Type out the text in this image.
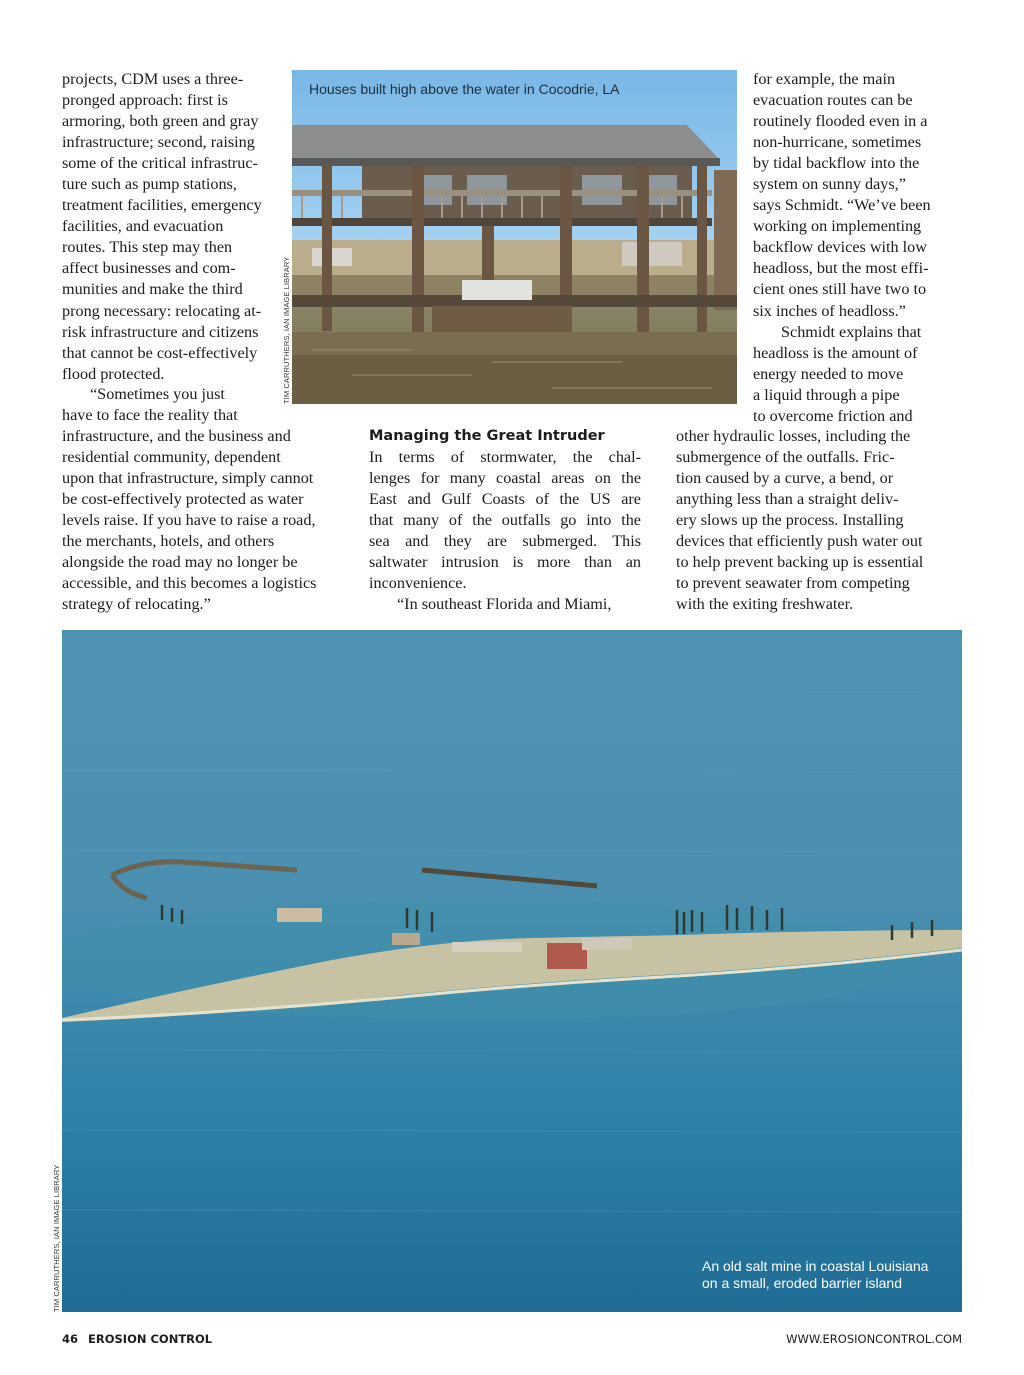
projects, CDM uses a three-
pronged approach: first is
armoring, both green and gray
infrastructure; second, raising
some of the critical infrastruc-
ture such as pump stations,
treatment facilities, emergency
facilities, and evacuation
routes. This step may then
affect businesses and com-
munities and make the third
prong necessary: relocating at-
risk infrastructure and citizens
that cannot be cost-effectively
flood protected.
“Sometimes you just
have to face the reality that
infrastructure, and the business and
residential community, dependent
upon that infrastructure, simply cannot
be cost-effectively protected as water
levels raise. If you have to raise a road,
the merchants, hotels, and others
alongside the road may no longer be
accessible, and this becomes a logistics
strategy of relocating.”
Houses built high above the water in Cocodrie, LA
TIM CARRUTHERS, IAN IMAGE LIBRARY
Managing the Great Intruder
In terms of stormwater, the chal-
lenges for many coastal areas on the
East and Gulf Coasts of the US are
that many of the outfalls go into the
sea and they are submerged. This
saltwater intrusion is more than an
inconvenience.
“In southeast Florida and Miami,
for example, the main
evacuation routes can be
routinely flooded even in a
non-hurricane, sometimes
by tidal backflow into the
system on sunny days,”
says Schmidt. “We’ve been
working on implementing
backflow devices with low
headloss, but the most effi-
cient ones still have two to
six inches of headloss.”
Schmidt explains that
headloss is the amount of
energy needed to move
a liquid through a pipe
to overcome friction and
other hydraulic losses, including the
submergence of the outfalls. Fric-
tion caused by a curve, a bend, or
anything less than a straight deliv-
ery slows up the process. Installing
devices that efficiently push water out
to help prevent backing up is essential
to prevent seawater from competing
with the exiting freshwater.
An old salt mine in coastal Louisiana
on a small, eroded barrier island
TIM CARRUTHERS, IAN IMAGE LIBRARY
46 EROSION CONTROL	WWW.EROSIONCONTROL.COM
